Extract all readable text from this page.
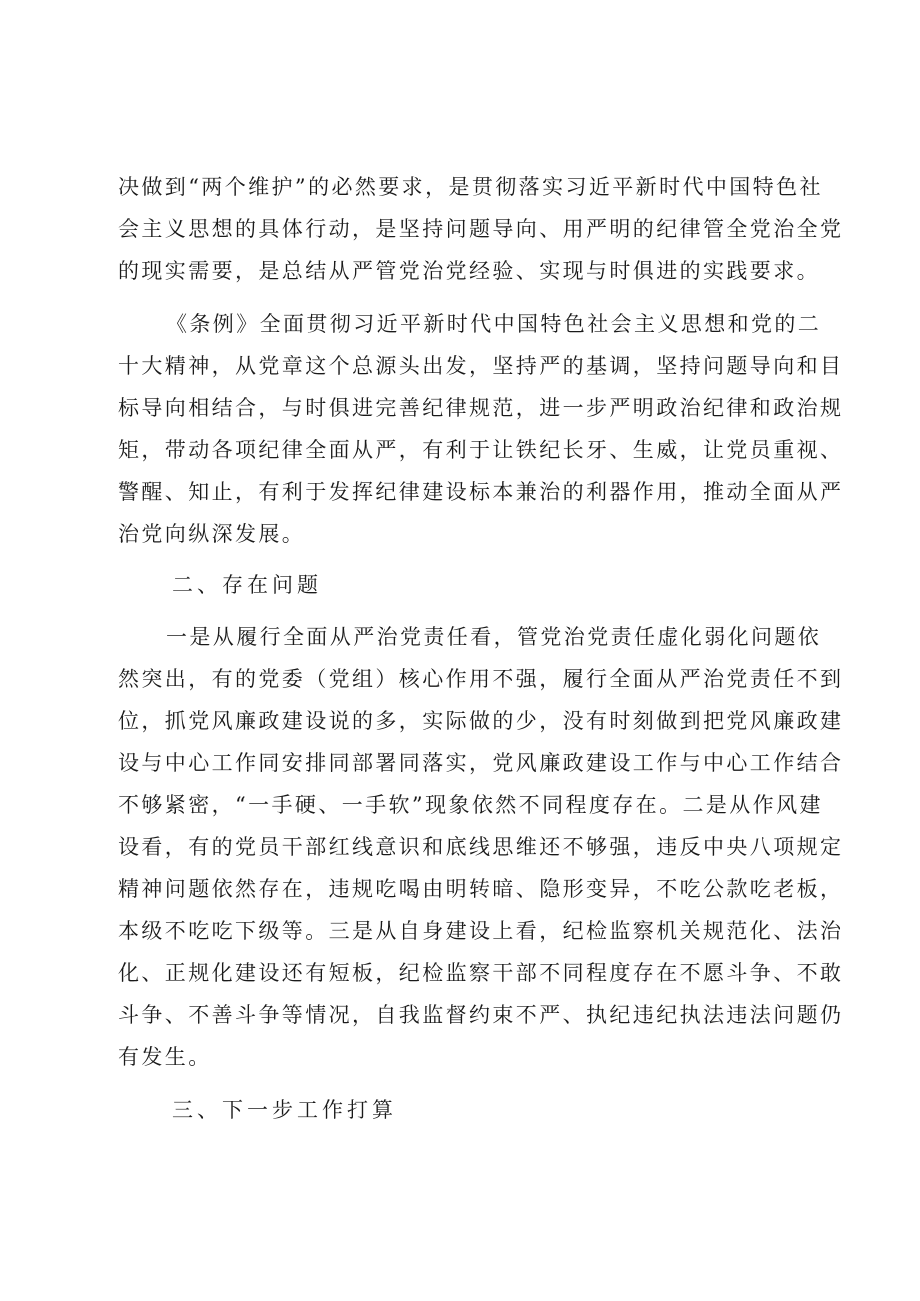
决做到“两个维护”的必然要求，是贯彻落实习近平新时代中国特色社
会主义思想的具体行动，是坚持问题导向、用严明的纪律管全党治全党
的现实需要，是总结从严管党治党经验、实现与时俱进的实践要求。
《条例》全面贯彻习近平新时代中国特色社会主义思想和党的二
十大精神，从党章这个总源头出发，坚持严的基调，坚持问题导向和目
标导向相结合，与时俱进完善纪律规范，进一步严明政治纪律和政治规
矩，带动各项纪律全面从严，有利于让铁纪长牙、生威，让党员重视、
警醒、知止，有利于发挥纪律建设标本兼治的利器作用，推动全面从严
治党向纵深发展。
二、存在问题
一是从履行全面从严治党责任看，管党治党责任虚化弱化问题依
然突出，有的党委（党组）核心作用不强，履行全面从严治党责任不到
位，抓党风廉政建设说的多，实际做的少，没有时刻做到把党风廉政建
设与中心工作同安排同部署同落实，党风廉政建设工作与中心工作结合
不够紧密，“一手硬、一手软”现象依然不同程度存在。二是从作风建
设看，有的党员干部红线意识和底线思维还不够强，违反中央八项规定
精神问题依然存在，违规吃喝由明转暗、隐形变异，不吃公款吃老板，
本级不吃吃下级等。三是从自身建设上看，纪检监察机关规范化、法治
化、正规化建设还有短板，纪检监察干部不同程度存在不愿斗争、不敢
斗争、不善斗争等情况，自我监督约束不严、执纪违纪执法违法问题仍
有发生。
三、下一步工作打算
